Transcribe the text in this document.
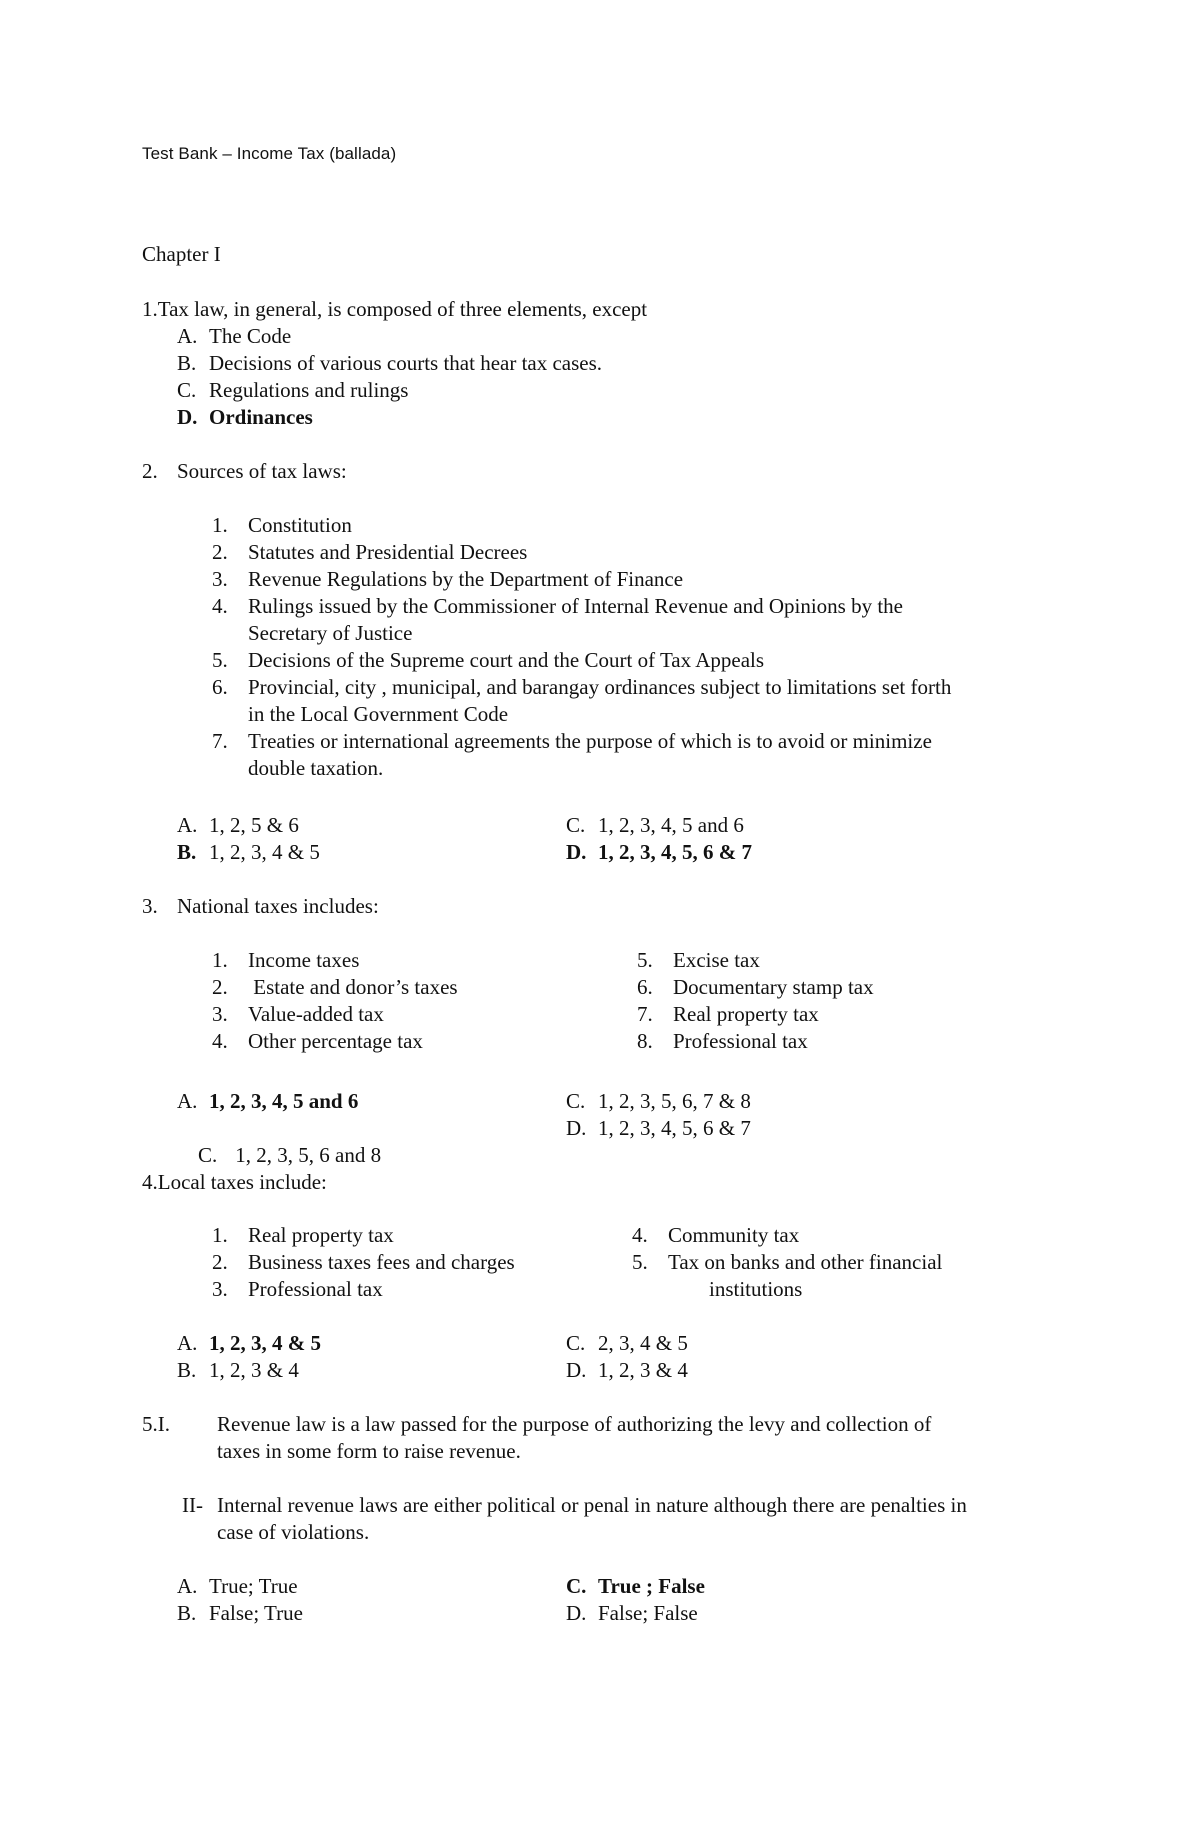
Test Bank – Income Tax (ballada)
Chapter I
1.Tax law, in general, is composed of three elements, except
A. The Code
B. Decisions of various courts that hear tax cases.
C. Regulations and rulings
D. Ordinances
2. Sources of tax laws:
1. Constitution
2. Statutes and Presidential Decrees
3. Revenue Regulations by the Department of Finance
4. Rulings issued by the Commissioner of Internal Revenue and Opinions by the
Secretary of Justice
5. Decisions of the Supreme court and the Court of Tax Appeals
6. Provincial, city , municipal, and barangay ordinances subject to limitations set forth
in the Local Government Code
7. Treaties or international agreements the purpose of which is to avoid or minimize
double taxation.
A. 1, 2, 5 & 6	C. 1, 2, 3, 4, 5 and 6
B. 1, 2, 3, 4 & 5	D. 1, 2, 3, 4, 5, 6 & 7
3. National taxes includes:
1. Income taxes
2. Estate and donor’s taxes
3. Value-added tax
4. Other percentage tax
5. Excise tax
6. Documentary stamp tax
7. Real property tax
8. Professional tax
A. 1, 2, 3, 4, 5 and 6	C. 1, 2, 3, 5, 6, 7 & 8

C. 1, 2, 3, 5, 6 and 8

D. 1, 2, 3, 4, 5, 6 & 7
4.Local taxes include:
1. Real property tax
2. Business taxes fees and charges
3. Professional tax
4. Community tax
5. Tax on banks and other financial
institutions
A. 1, 2, 3, 4 & 5	C. 2, 3, 4 & 5
B. 1, 2, 3 & 4	D. 1, 2, 3 & 4
5.I. Revenue law is a law passed for the purpose of authorizing the levy and collection of
taxes in some form to raise revenue.
II- Internal revenue laws are either political or penal in nature although there are penalties in
case of violations.
A. True; True	C. True ; False
B. False; True	D. False; False
